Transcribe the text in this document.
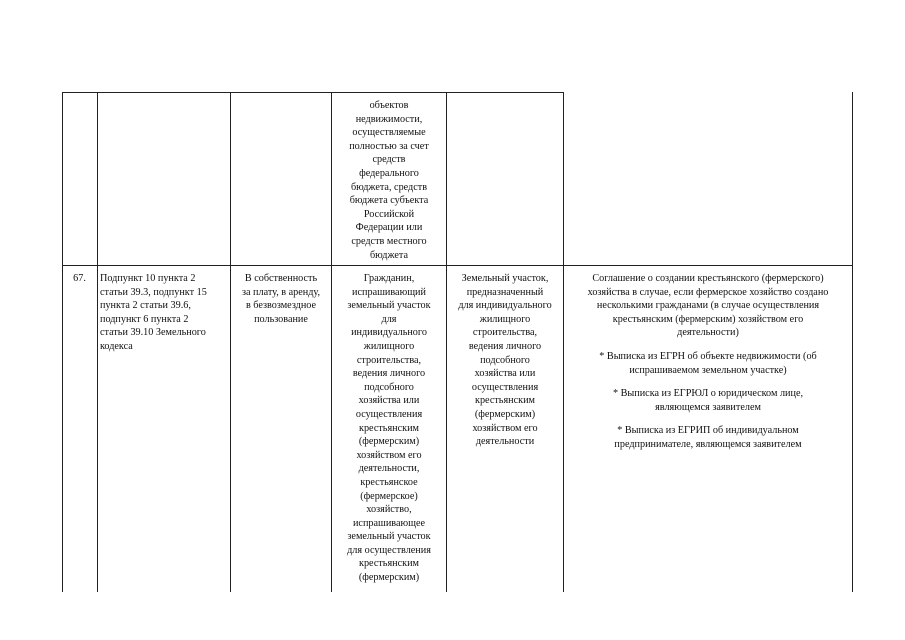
объектов
недвижимости,
осуществляемые
полностью за счет
средств
федерального
бюджета, средств
бюджета субъекта
Российской
Федерации или
средств местного
бюджета
67.	Подпункт 10 пункта 2
статьи 39.3, подпункт 15
пункта 2 статьи 39.6,
подпункт 6 пункта 2
статьи 39.10 Земельного
кодекса
В собственность
за плату, в аренду,
в безвозмездное
пользование
Гражданин,
испрашивающий
земельный участок
для
индивидуального
жилищного
строительства,
ведения личного
подсобного
хозяйства или
осуществления
крестьянским
(фермерским)
хозяйством его
деятельности,
крестьянское
(фермерское)
хозяйство,
испрашивающее
земельный участок
для осуществления
крестьянским
(фермерским)
Земельный участок,
предназначенный
для индивидуального
жилищного
строительства,
ведения личного
подсобного
хозяйства или
осуществления
крестьянским
(фермерским)
хозяйством его
деятельности
Соглашение о создании крестьянского (фермерского)
хозяйства в случае, если фермерское хозяйство создано
несколькими гражданами (в случае осуществления
крестьянским (фермерским) хозяйством его
деятельности)
* Выписка из ЕГРН об объекте недвижимости (об
испрашиваемом земельном участке)
* Выписка из ЕГРЮЛ о юридическом лице,
являющемся заявителем
* Выписка из ЕГРИП об индивидуальном
предпринимателе, являющемся заявителем
